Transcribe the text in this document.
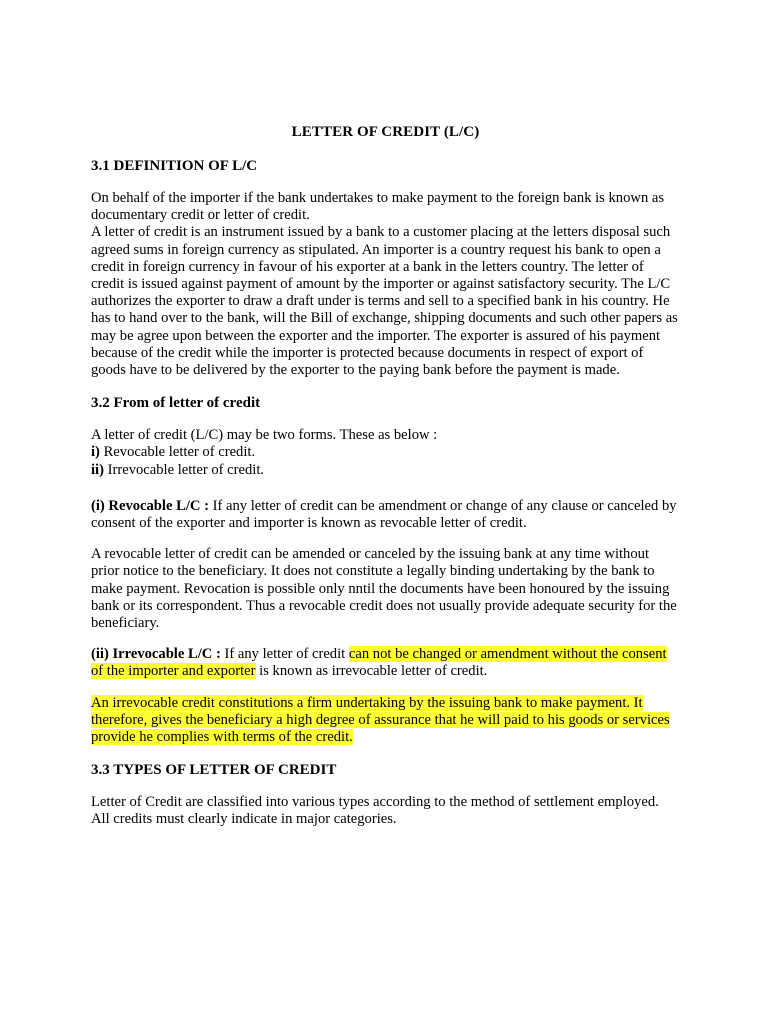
LETTER OF CREDIT (L/C)
3.1 DEFINITION OF L/C

On behalf of the importer if the bank undertakes to make payment to the foreign bank is known as documentary credit or letter of credit.

A letter of credit is an instrument issued by a bank to a customer placing at the letters disposal such agreed sums in foreign currency as stipulated. An importer is a country request his bank to open a credit in foreign currency in favour of his exporter at a bank in the letters country. The letter of credit is issued against payment of amount by the importer or against satisfactory security. The L/C authorizes the exporter to draw a draft under is terms and sell to a specified bank in his country. He has to hand over to the bank, will the Bill of exchange, shipping documents and such other papers as may be agree upon between the exporter and the importer. The exporter is assured of his payment because of the credit while the importer is protected because documents in respect of export of goods have to be delivered by the exporter to the paying bank before the payment is made.

3.2 From of letter of credit

A letter of credit (L/C) may be two forms. These as below :

i) Revocable letter of credit.

ii) Irrevocable letter of credit.

(i) Revocable L/C : If any letter of credit can be amendment or change of any clause or canceled by consent of the exporter and importer is known as revocable letter of credit.

A revocable letter of credit can be amended or canceled by the issuing bank at any time without prior notice to the beneficiary. It does not constitute a legally binding undertaking by the bank to make payment. Revocation is possible only nntil the documents have been honoured by the issuing bank or its correspondent. Thus a revocable credit does not usually provide adequate security for the beneficiary.

(ii) Irrevocable L/C : If any letter of credit can not be changed or amendment without the consent of the importer and exporter is known as irrevocable letter of credit.

An irrevocable credit constitutions a firm undertaking by the issuing bank to make payment. It therefore, gives the beneficiary a high degree of assurance that he will paid to his goods or services provide he complies with terms of the credit.

3.3 TYPES OF LETTER OF CREDIT

Letter of Credit are classified into various types according to the method of settlement employed. All credits must clearly indicate in major categories.
